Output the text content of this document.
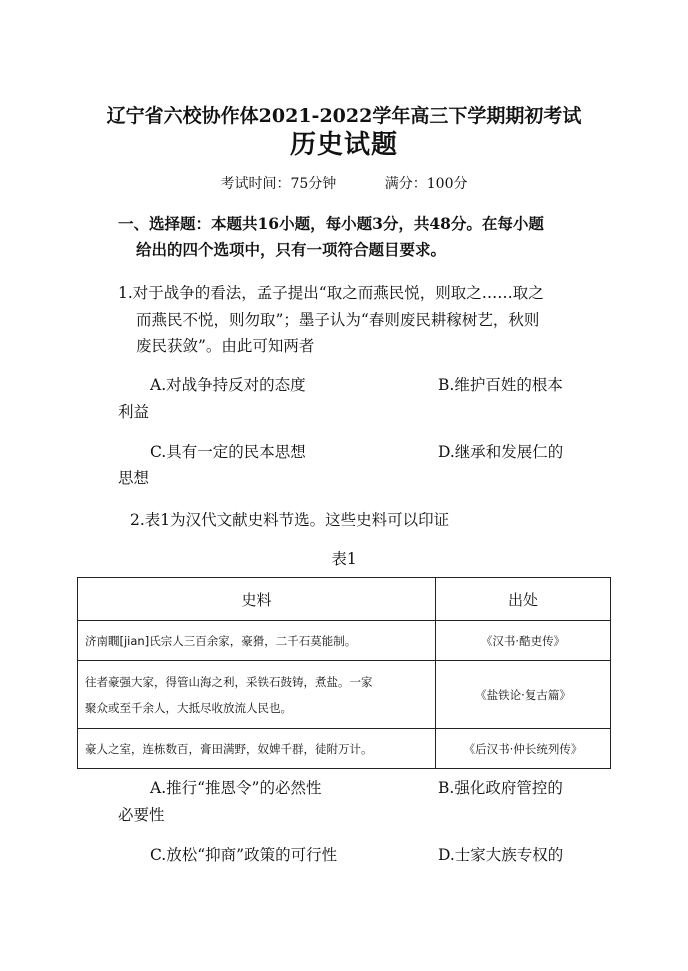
辽宁省六校协作体2021-2022学年高三下学期期初考试
历史试题
考试时间：75分钟	满分：100分
一、选择题：本题共16小题，每小题3分，共48分。在每小题
给出的四个选项中，只有一项符合题目要求。
1.对于战争的看法，孟子提出“取之而燕民悦，则取之……取之
而燕民不悦，则勿取”；墨子认为“春则废民耕稼树艺，秋则
废民获敛”。由此可知两者
A.对战争持反对的态度	B.维护百姓的根本
利益
C.具有一定的民本思想	D.继承和发展仁的
思想
2.表1为汉代文献史料节选。这些史料可以印证
表1
史料	出处
济南瞯[jian]氏宗人三百余家，豪猾，二千石莫能制。	《汉书·酷吏传》

往者豪强大家，得管山海之利，采铁石鼓铸，煮盐。一家
聚众或至千余人，大抵尽收放流人民也。	《盐铁论·复古篇》
豪人之室，连栋数百，膏田满野，奴婢千群，徒附万计。	《后汉书·仲长统列传》
A.推行“推恩令”的必然性	B.强化政府管控的
必要性
C.放松“抑商”政策的可行性	D.士家大族专权的
